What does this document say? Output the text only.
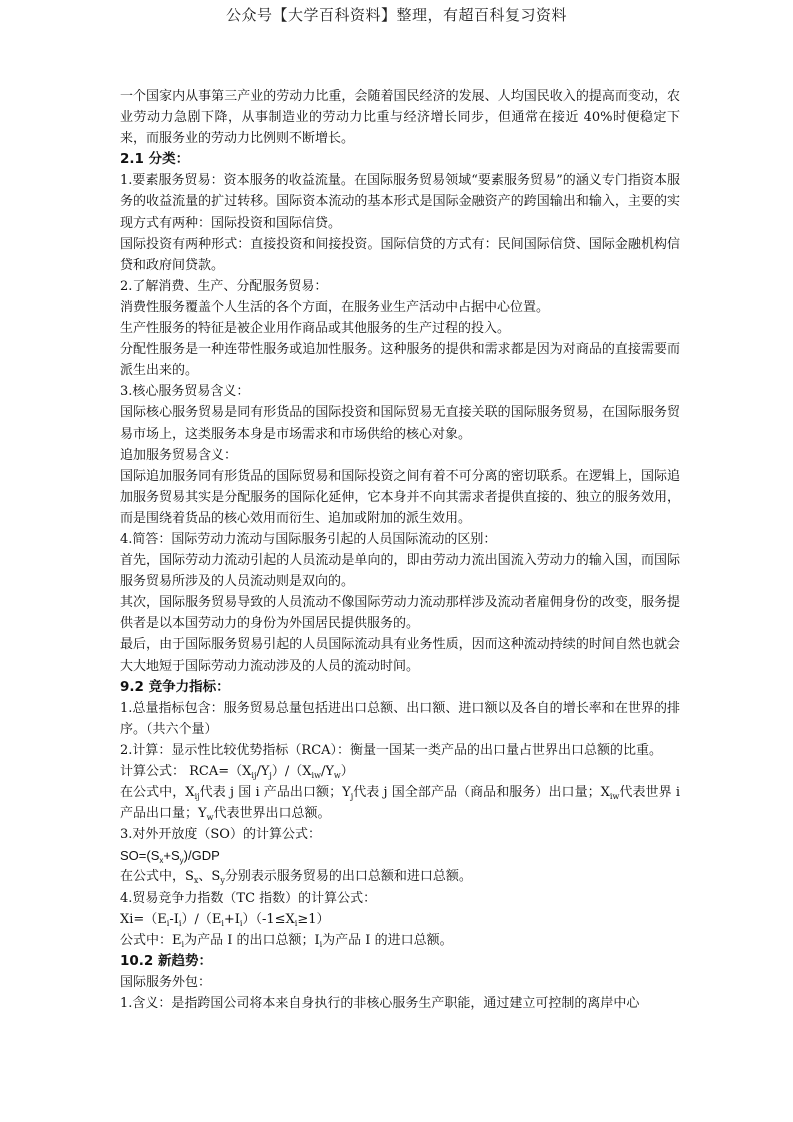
公众号【大学百科资料】整理，有超百科复习资料

一个国家内从事第三产业的劳动力比重，会随着国民经济的发展、人均国民收入的提高而变动，农业劳动力急剧下降，从事制造业的劳动力比重与经济增长同步，但通常在接近 40%时便稳定下来，而服务业的劳动力比例则不断增长。

2.1 分类：

1.要素服务贸易：资本服务的收益流量。在国际服务贸易领域“要素服务贸易”的涵义专门指资本服务的收益流量的扩过转移。国际资本流动的基本形式是国际金融资产的跨国输出和输入，主要的实现方式有两种：国际投资和国际信贷。

国际投资有两种形式：直接投资和间接投资。国际信贷的方式有：民间国际信贷、国际金融机构信贷和政府间贷款。

2.了解消费、生产、分配服务贸易：

消费性服务覆盖个人生活的各个方面，在服务业生产活动中占据中心位置。

生产性服务的特征是被企业用作商品或其他服务的生产过程的投入。

分配性服务是一种连带性服务或追加性服务。这种服务的提供和需求都是因为对商品的直接需要而派生出来的。

3.核心服务贸易含义：

国际核心服务贸易是同有形货品的国际投资和国际贸易无直接关联的国际服务贸易，在国际服务贸易市场上，这类服务本身是市场需求和市场供给的核心对象。

追加服务贸易含义：

国际追加服务同有形货品的国际贸易和国际投资之间有着不可分离的密切联系。在逻辑上，国际追加服务贸易其实是分配服务的国际化延伸，它本身并不向其需求者提供直接的、独立的服务效用，而是围绕着货品的核心效用而衍生、追加或附加的派生效用。

4.简答：国际劳动力流动与国际服务引起的人员国际流动的区别：

首先，国际劳动力流动引起的人员流动是单向的，即由劳动力流出国流入劳动力的输入国，而国际服务贸易所涉及的人员流动则是双向的。

其次，国际服务贸易导致的人员流动不像国际劳动力流动那样涉及流动者雇佣身份的改变，服务提供者是以本国劳动力的身份为外国居民提供服务的。

最后，由于国际服务贸易引起的人员国际流动具有业务性质，因而这种流动持续的时间自然也就会大大地短于国际劳动力流动涉及的人员的流动时间。

9.2 竞争力指标：

1.总量指标包含：服务贸易总量包括进出口总额、出口额、进口额以及各自的增长率和在世界的排序。（共六个量）

2.计算：显示性比较优势指标（RCA）：衡量一国某一类产品的出口量占世界出口总额的比重。

计算公式： $RCA=(X_{ij}/Y_j)/(X_{iw}/Y_w)$

在公式中，$X_{ij}$代表 j 国 i 产品出口额；$Y_j$代表 j 国全部产品（商品和服务）出口量；$X_{iw}$代表世界 i 产品出口量；$Y_w$代表世界出口总额。

3.对外开放度（SO）的计算公式：

$SO=(S_x+S_y)$/GDP

在公式中，$S_x$、$S_y$分别表示服务贸易的出口总额和进口总额。

4.贸易竞争力指数（TC 指数）的计算公式：

$Xi=(E_i-I_i)/(E_i+I_i)(-1\le X_i\ge 1)$

公式中：$E_i$为产品 I 的出口总额；$I_i$为产品 I 的进口总额。

10.2 新趋势：

国际服务外包：

1.含义：是指跨国公司将本来自身执行的非核心服务生产职能，通过建立可控制的离岸中心
